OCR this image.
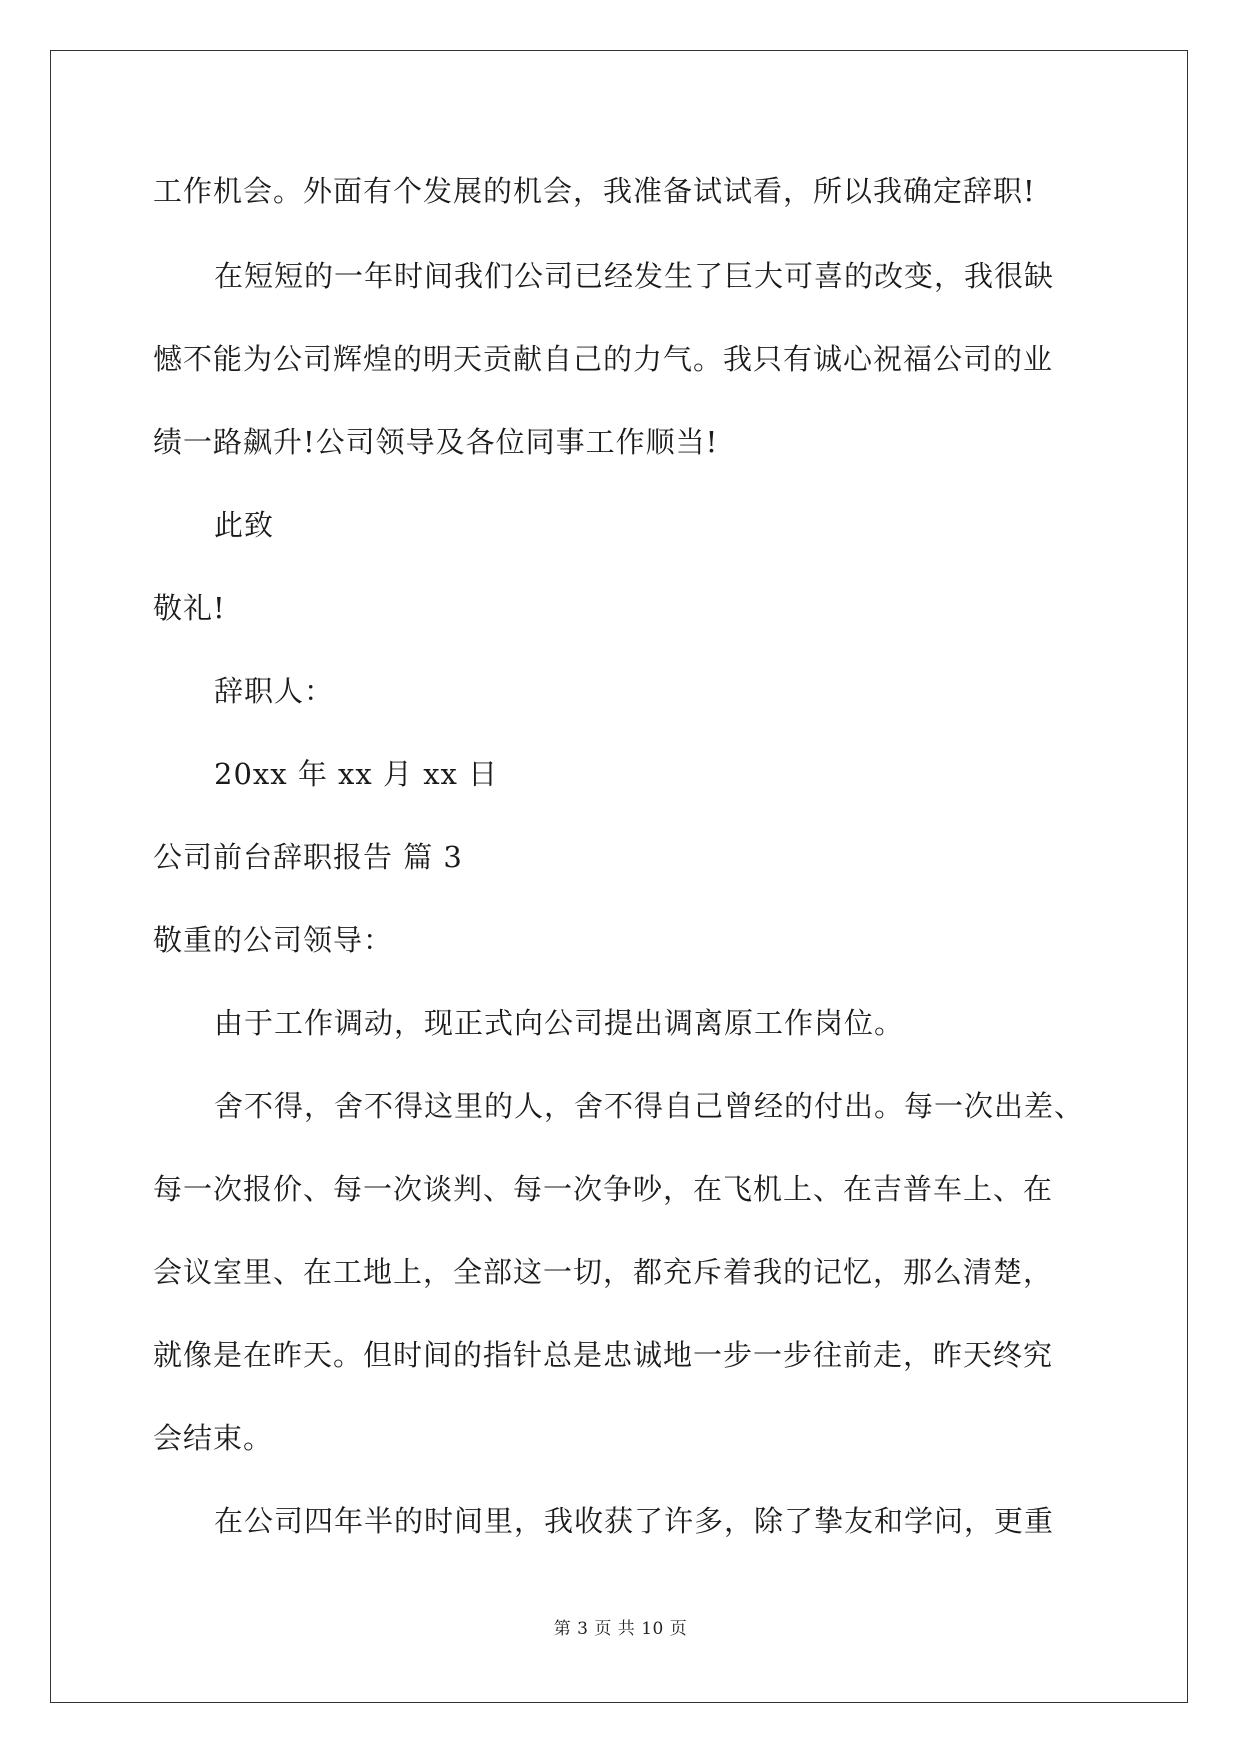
工作机会。外面有个发展的机会，我准备试试看，所以我确定辞职!
在短短的一年时间我们公司已经发生了巨大可喜的改变，我很缺
憾不能为公司辉煌的明天贡献自己的力气。我只有诚心祝福公司的业
绩一路飙升!公司领导及各位同事工作顺当!
此致
敬礼!
辞职人：
20xx 年 xx 月 xx 日
公司前台辞职报告 篇 3
敬重的公司领导：
由于工作调动，现正式向公司提出调离原工作岗位。
舍不得，舍不得这里的人，舍不得自己曾经的付出。每一次出差、
每一次报价、每一次谈判、每一次争吵，在飞机上、在吉普车上、在
会议室里、在工地上，全部这一切，都充斥着我的记忆，那么清楚，
就像是在昨天。但时间的指针总是忠诚地一步一步往前走，昨天终究
会结束。
在公司四年半的时间里，我收获了许多，除了挚友和学问，更重
第 3 页 共 10 页
